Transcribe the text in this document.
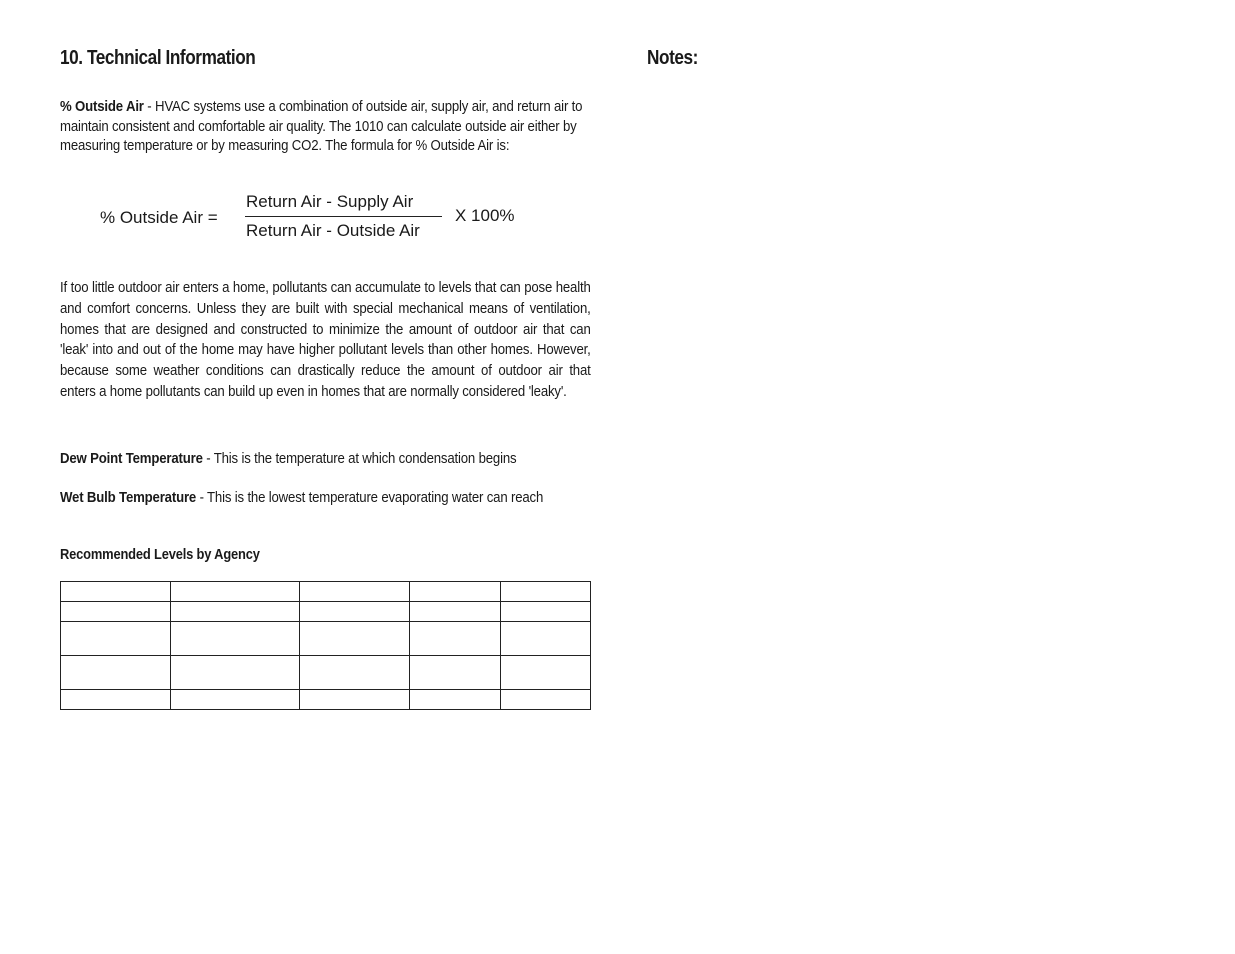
10. Technical Information
% Outside Air - HVAC systems use a combination of outside air, supply air, and return air to maintain consistent and comfortable air quality. The 1010 can calculate outside air either by measuring temperature or by measuring CO2. The formula for % Outside Air is:
% Outside Air =
Return Air - Supply Air
Return Air - Outside Air
X 100%
If too little outdoor air enters a home, pollutants can accumulate to levels that can pose health and comfort concerns. Unless they are built with special mechanical means of ventilation, homes that are designed and constructed to minimize the amount of outdoor air that can 'leak' into and out of the home may have higher pollutant levels than other homes. However, because some weather conditions can drastically reduce the amount of outdoor air that enters a home pollutants can build up even in homes that are normally considered 'leaky'.
Dew Point Temperature - This is the temperature at which condensation begins
Wet Bulb Temperature - This is the lowest temperature evaporating water can reach
Recommended Levels by Agency

Notes:
